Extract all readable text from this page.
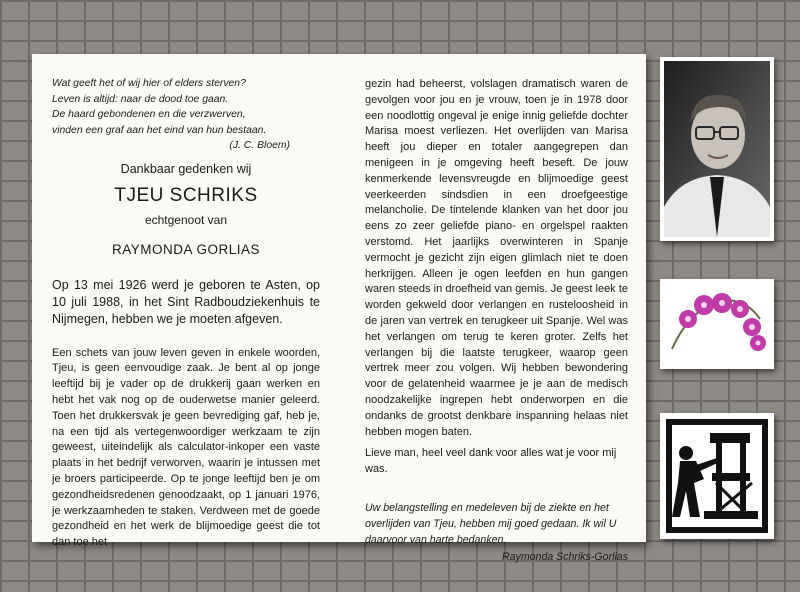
Wat geeft het of wij hier of elders sterven?
Leven is altijd: naar de dood toe gaan.
De haard gebondenen en die verzwerven,
vinden een graf aan het eind van hun bestaan.
(J. C. Bloem)
Dankbaar gedenken wij
TJEU SCHRIKS
echtgenoot van
RAYMONDA GORLIAS
Op 13 mei 1926 werd je geboren te Asten, op 10 juli 1988, in het Sint Radboudziekenhuis te Nijmegen, hebben we je moeten afgeven.
Een schets van jouw leven geven in enkele woorden, Tjeu, is geen eenvoudige zaak. Je bent al op jonge leeftijd bij je vader op de drukkerij gaan werken en hebt het vak nog op de ouderwetse manier geleerd. Toen het drukkersvak je geen bevrediging gaf, heb je, na een tijd als vertegenwoordiger werkzaam te zijn geweest, uiteindelijk als calculator-inkoper een vaste plaats in het bedrijf verworven, waarin je intussen met je broers participeerde. Op te jonge leeftijd ben je om gezondheidsredenen genoodzaakt, op 1 januari 1976, je werkzaamheden te staken. Verdween met de goede gezondheid en het werk de blijmoedige geest die tot dan toe het
gezin had beheerst, volslagen dramatisch waren de gevolgen voor jou en je vrouw, toen je in 1978 door een noodlottig ongeval je enige innig geliefde dochter Marisa moest verliezen. Het overlijden van Marisa heeft jou dieper en totaler aangegrepen dan menigeen in je omgeving heeft beseft. De jouw kenmerkende levensvreugde en blijmoedige geest veerkeerden sindsdien in een droefgeestige melancholie. De tintelende klanken van het door jou eens zo zeer geliefde piano- en orgelspel raakten verstomd. Het jaarlijks overwinteren in Spanje vermocht je gezicht zijn eigen glimlach niet te doen herkrijgen. Alleen je ogen leefden en hun gangen waren steeds in droefheid van gemis. Je geest leek te worden gekweld door verlangen en rusteloosheid in de jaren van vertrek en terugkeer uit Spanje. Wel was het verlangen om terug te keren groter. Zelfs het verlangen bij die laatste terugkeer, waarop geen vertrek meer zou volgen. Wij hebben bewondering voor de gelatenheid waarmee je je aan de medisch noodzakelijke ingrepen hebt onderworpen en die ondanks de grootst denkbare inspanning helaas niet hebben mogen baten.
Lieve man, heel veel dank voor alles wat je voor mij was.
Uw belangstelling en medeleven bij de ziekte en het overlijden van Tjeu, hebben mij goed gedaan. Ik wil U daarvoor van harte bedanken.
Raymonda Schriks-Gorlias
